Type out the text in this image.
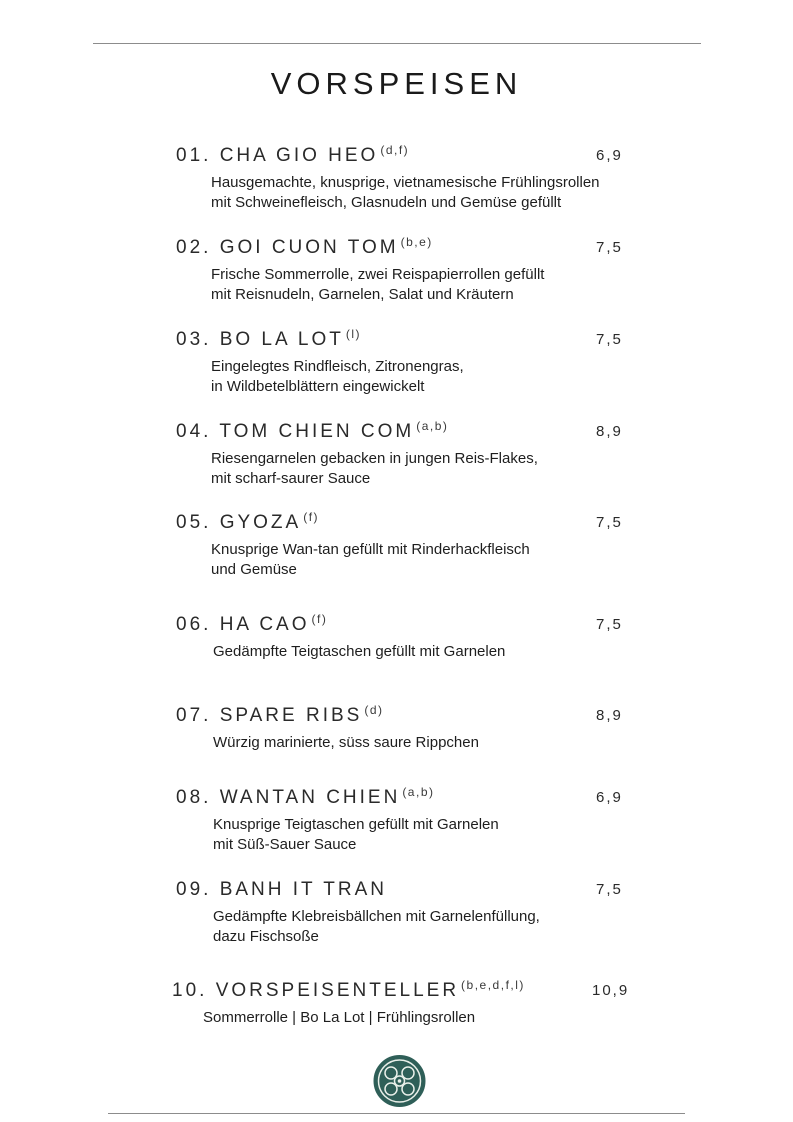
VORSPEISEN
01. CHA GIO HEO $^{(d,f)}$	6,9
Hausgemachte, knusprige, vietnamesische Frühlingsrollen
mit Schweinefleisch, Glasnudeln und Gemüse gefüllt
02. GOI CUON TOM $^{(b,e)}$	7,5
Frische Sommerrolle, zwei Reispapierrollen gefüllt
mit Reisnudeln, Garnelen, Salat und Kräutern
03. BO LA LOT $^{(l)}$	7,5
Eingelegtes Rindfleisch, Zitronengras,
in Wildbetelblättern eingewickelt
04. TOM CHIEN COM $^{(a,b)}$	8,9
Riesengarnelen gebacken in jungen Reis-Flakes,
mit scharf-saurer Sauce
05. GYOZA $^{(f)}$	7,5
Knusprige Wan-tan gefüllt mit Rinderhackfleisch
und Gemüse
06. HA CAO $^{(f)}$	7,5
Gedämpfte Teigtaschen gefüllt mit Garnelen
07. SPARE RIBS $^{(d)}$	8,9
Würzig marinierte, süss saure Rippchen
08. WANTAN CHIEN $^{(a,b)}$	6,9
Knusprige Teigtaschen gefüllt mit Garnelen
mit Süß-Sauer Sauce
09. BANH IT TRAN	7,5
Gedämpfte Klebreisbällchen mit Garnelenfüllung,
dazu Fischsoße
10. VORSPEISENTELLER $^{(b,e,d,f,l)}$	10,9
Sommerrolle | Bo La Lot | Frühlingsrollen
